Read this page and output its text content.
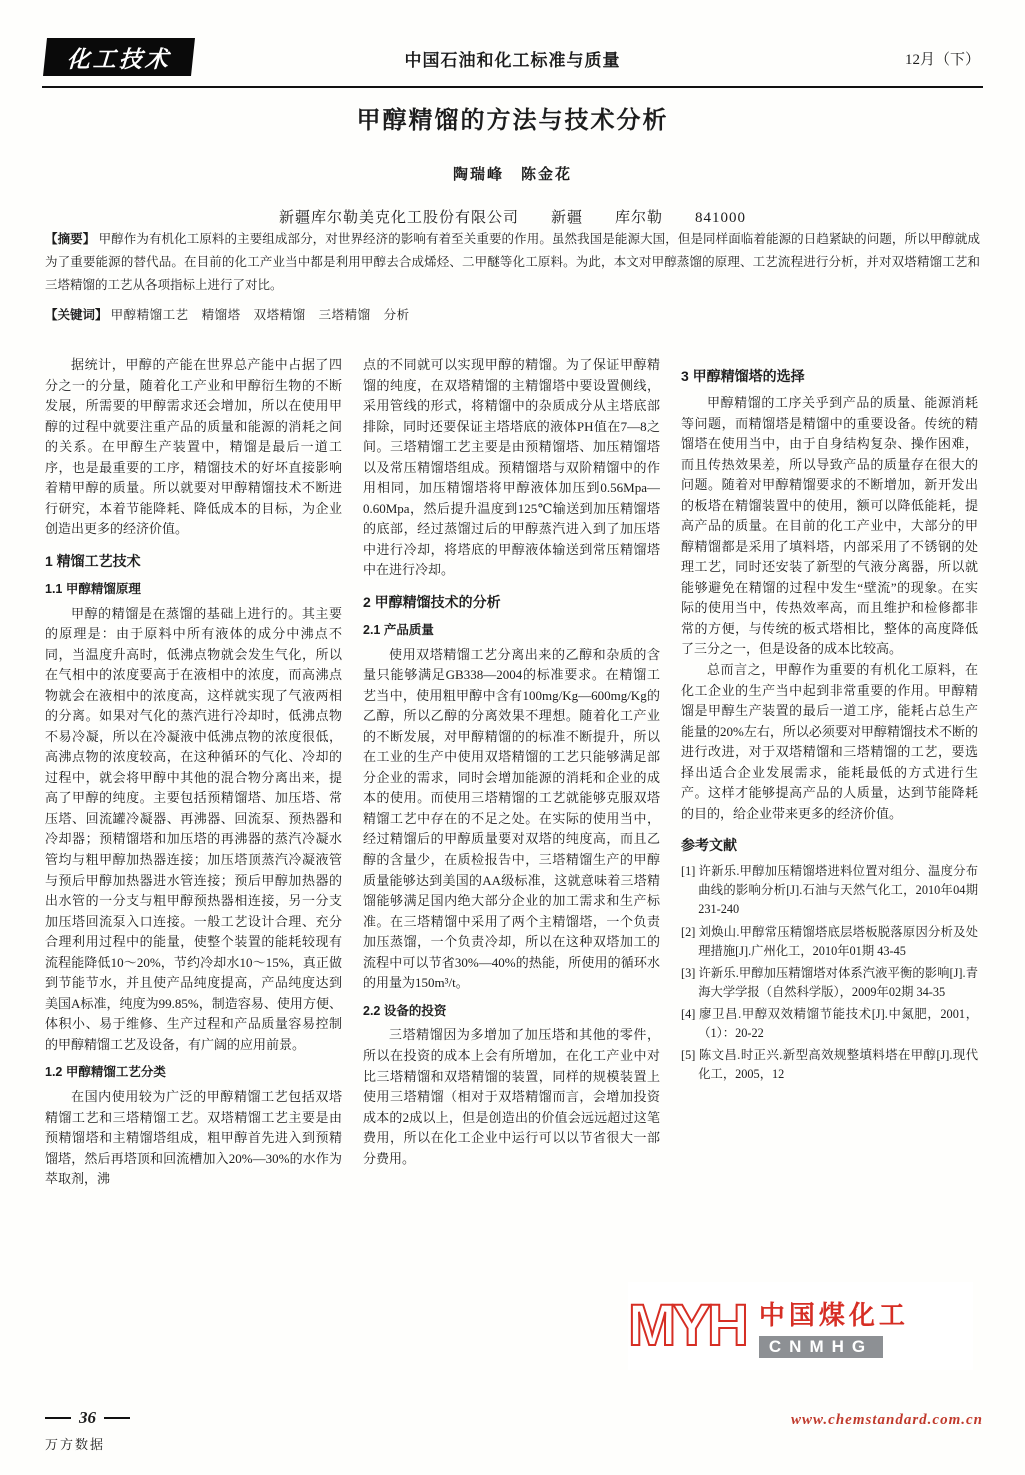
化工技术	中国石油和化工标准与质量	12月（下）
甲醇精馏的方法与技术分析
陶瑞峰　陈金花
新疆库尔勒美克化工股份有限公司　　新疆　　库尔勒　　841000
【摘要】 甲醇作为有机化工原料的主要组成部分，对世界经济的影响有着至关重要的作用。虽然我国是能源大国，但是同样面临着能源的日趋紧缺的问题，所以甲醇就成为了重要能源的替代品。在目前的化工产业当中都是利用甲醇去合成烯烃、二甲醚等化工原料。为此，本文对甲醇蒸馏的原理、工艺流程进行分析，并对双塔精馏工艺和三塔精馏的工艺从各项指标上进行了对比。
【关键词】 甲醇精馏工艺　精馏塔　双塔精馏　三塔精馏　分析
据统计，甲醇的产能在世界总产能中占据了四分之一的分量，随着化工产业和甲醇衍生物的不断发展，所需要的甲醇需求还会增加，所以在使用甲醇的过程中就要注重产品的质量和能源的消耗之间的关系。在甲醇生产装置中，精馏是最后一道工序，也是最重要的工序，精馏技术的好坏直接影响着精甲醇的质量。所以就要对甲醇精馏技术不断进行研究，本着节能降耗、降低成本的目标，为企业创造出更多的经济价值。
1 精馏工艺技术
1.1 甲醇精馏原理
甲醇的精馏是在蒸馏的基础上进行的。其主要的原理是：由于原料中所有液体的成分中沸点不同，当温度升高时，低沸点物就会发生气化，所以在气相中的浓度要高于在液相中的浓度，而高沸点物就会在液相中的浓度高，这样就实现了气液两相的分离。如果对气化的蒸汽进行冷却时，低沸点物不易冷凝，所以在冷凝液中低沸点物的浓度很低，高沸点物的浓度较高，在这种循环的气化、冷却的过程中，就会将甲醇中其他的混合物分离出来，提高了甲醇的纯度。主要包括预精馏塔、加压塔、常压塔、回流罐冷凝器、再沸器、回流泵、预热器和冷却器；预精馏塔和加压塔的再沸器的蒸汽冷凝水管均与粗甲醇加热器连接；加压塔顶蒸汽冷凝液管与预后甲醇加热器进水管连接；预后甲醇加热器的出水管的一分支与粗甲醇预热器相连接，另一分支加压塔回流泵入口连接。一般工艺设计合理、充分合理利用过程中的能量，使整个装置的能耗较现有流程能降低10～20%，节约冷却水10～15%，真正做到节能节水，并且使产品纯度提高，产品纯度达到美国A标准，纯度为99.85%，制造容易、使用方便、体积小、易于维修、生产过程和产品质量容易控制的甲醇精馏工艺及设备，有广阔的应用前景。
1.2 甲醇精馏工艺分类
在国内使用较为广泛的甲醇精馏工艺包括双塔精馏工艺和三塔精馏工艺。双塔精馏工艺主要是由预精馏塔和主精馏塔组成，粗甲醇首先进入到预精馏塔，然后再塔顶和回流槽加入20%—30%的水作为萃取剂，沸
点的不同就可以实现甲醇的精馏。为了保证甲醇精馏的纯度，在双塔精馏的主精馏塔中要设置侧线，采用管线的形式，将精馏中的杂质成分从主塔底部排除，同时还要保证主塔塔底的液体PH值在7—8之间。三塔精馏工艺主要是由预精馏塔、加压精馏塔以及常压精馏塔组成。预精馏塔与双阶精馏中的作用相同，加压精馏塔将甲醇液体加压到0.56Mpa—0.60Mpa，然后提升温度到125℃输送到加压精馏塔的底部，经过蒸馏过后的甲醇蒸汽进入到了加压塔中进行冷却，将塔底的甲醇液体输送到常压精馏塔中在进行冷却。
2 甲醇精馏技术的分析
2.1 产品质量
使用双塔精馏工艺分离出来的乙醇和杂质的含量只能够满足GB338—2004的标准要求。在精馏工艺当中，使用粗甲醇中含有100mg/Kg—600mg/Kg的乙醇，所以乙醇的分离效果不理想。随着化工产业的不断发展，对甲醇精馏的的标准不断提升，所以在工业的生产中使用双塔精馏的工艺只能够满足部分企业的需求，同时会增加能源的消耗和企业的成本的使用。而使用三塔精馏的工艺就能够克服双塔精馏工艺中存在的不足之处。在实际的使用当中，经过精馏后的甲醇质量要对双塔的纯度高，而且乙醇的含量少，在质检报告中，三塔精馏生产的甲醇质量能够达到美国的AA级标准，这就意味着三塔精馏能够满足国内绝大部分企业的加工需求和生产标准。在三塔精馏中采用了两个主精馏塔，一个负责加压蒸馏，一个负责冷却，所以在这种双塔加工的流程中可以节省30%—40%的热能，所使用的循环水的用量为150m³/t。
2.2 设备的投资
三塔精馏因为多增加了加压塔和其他的零件，所以在投资的成本上会有所增加，在化工产业中对比三塔精馏和双塔精馏的装置，同样的规模装置上使用三塔精馏（相对于双塔精馏而言，会增加投资成本的2成以上，但是创造出的价值会远远超过这笔费用，所以在化工企业中运行可以以节省很大一部分费用。
3 甲醇精馏塔的选择
甲醇精馏的工序关乎到产品的质量、能源消耗等问题，而精馏塔是精馏中的重要设备。传统的精馏塔在使用当中，由于自身结构复杂、操作困难，而且传热效果差，所以导致产品的质量存在很大的问题。随着对甲醇精馏要求的不断增加，新开发出的板塔在精馏装置中的使用，额可以降低能耗，提高产品的质量。在目前的化工产业中，大部分的甲醇精馏都是采用了填料塔，内部采用了不锈钢的处理工艺，同时还安装了新型的气液分离器，所以就能够避免在精馏的过程中发生“壁流”的现象。在实际的使用当中，传热效率高，而且维护和检修都非常的方便，与传统的板式塔相比，整体的高度降低了三分之一，但是设备的成本比较高。
总而言之，甲醇作为重要的有机化工原料，在化工企业的生产当中起到非常重要的作用。甲醇精馏是甲醇生产装置的最后一道工序，能耗占总生产能量的20%左右，所以必须要对甲醇精馏技术不断的进行改进，对于双塔精馏和三塔精馏的工艺，要选择出适合企业发展需求，能耗最低的方式进行生产。这样才能够提高产品的人质量，达到节能降耗的目的，给企业带来更多的经济价值。
参考文献
[1] 许新乐.甲醇加压精馏塔进料位置对组分、温度分布曲线的影响分析[J].石油与天然气化工，2010年04期 231-240
[2] 刘焕山.甲醇常压精馏塔底层塔板脱落原因分析及处理措施[J].广州化工，2010年01期 43-45
[3] 许新乐.甲醇加压精馏塔对体系汽液平衡的影响[J].青海大学学报（自然科学版），2009年02期 34-35
[4] 廖卫昌.甲醇双效精馏节能技术[J].中氮肥，2001，（1）：20-22
[5] 陈文昌.时正兴.新型高效规整填料塔在甲醇[J].现代化工，2005，12
MYH 中国煤化工
CNMHG
36
万方数据
www.chemstandard.com.cn
